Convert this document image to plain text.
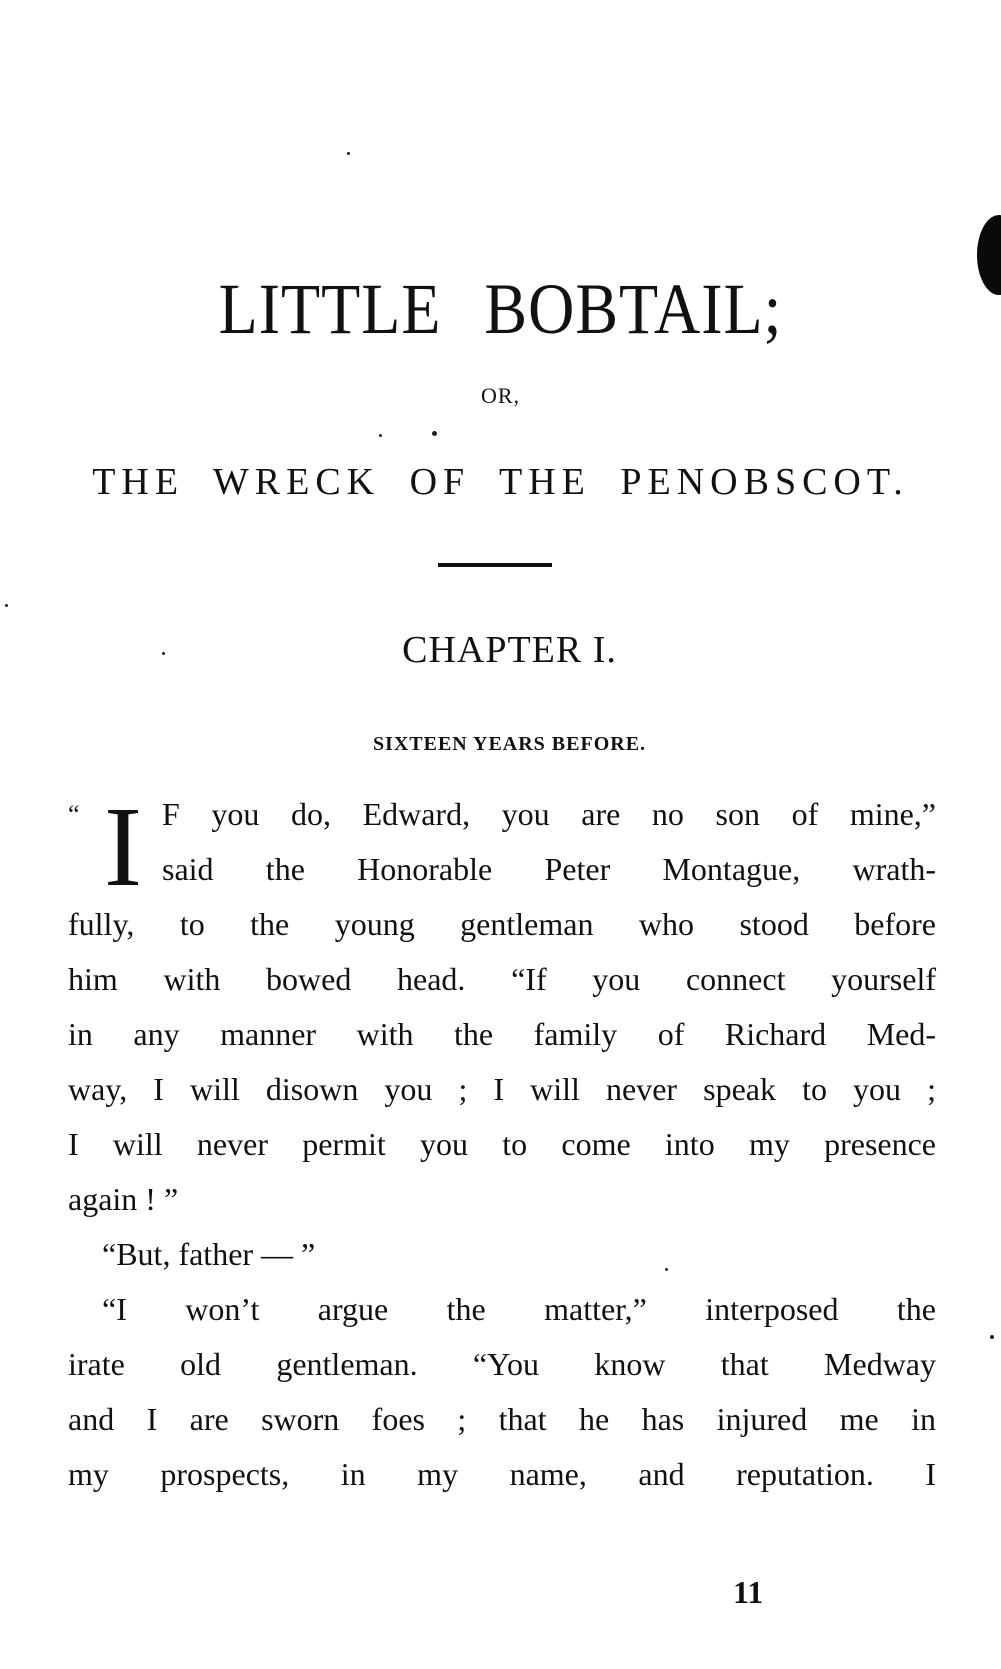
LITTLE BOBTAIL;
OR,
THE WRECK OF THE PENOBSCOT.
CHAPTER I.
SIXTEEN YEARS BEFORE.
“ I F you do, Edward, you are no son of mine,”
said the Honorable Peter Montague, wrath-
fully, to the young gentleman who stood before
him with bowed head. “If you connect yourself
in any manner with the family of Richard Med-
way, I will disown you ; I will never speak to you ;
I will never permit you to come into my presence
again ! ”
“But, father — ”
“I won’t argue the matter,” interposed the
irate old gentleman. “You know that Medway
and I are sworn foes ; that he has injured me in
my prospects, in my name, and reputation. I
11
